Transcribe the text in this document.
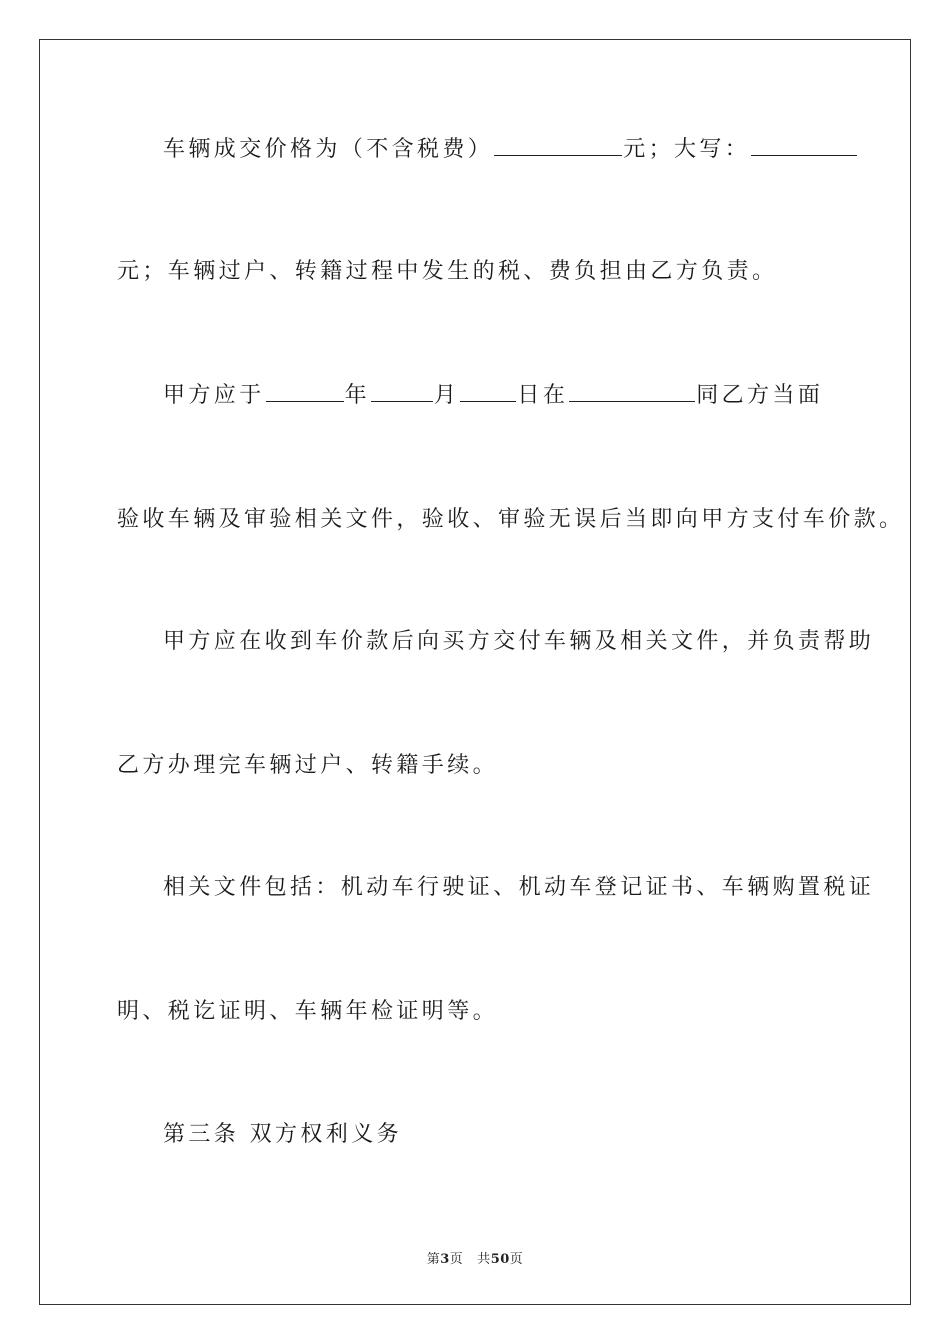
车辆成交价格为（不含税费）	元；大写：
元；车辆过户、转籍过程中发生的税、费负担由乙方负责。
甲方应于	年	月	日在	同乙方当面
验收车辆及审验相关文件，验收、审验无误后当即向甲方支付车价款。
甲方应在收到车价款后向买方交付车辆及相关文件，并负责帮助
乙方办理完车辆过户、转籍手续。
相关文件包括：机动车行驶证、机动车登记证书、车辆购置税证
明、税讫证明、车辆年检证明等。
第三条 双方权利义务
第3页 共50页
